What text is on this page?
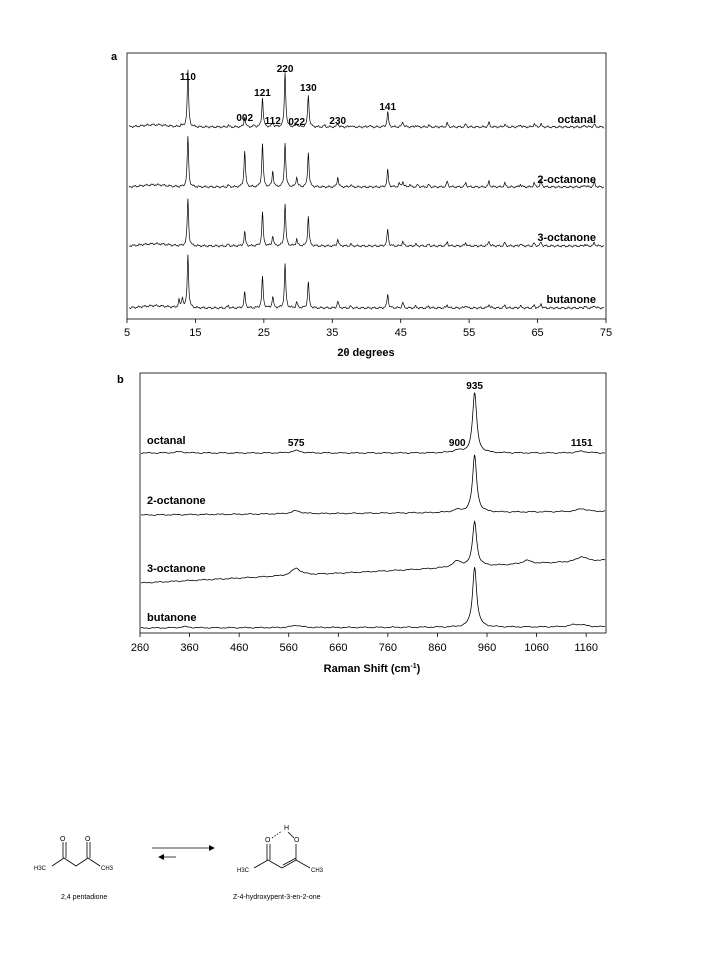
a
110
002
121
112
220
022
130
230
141
octanal
2-octanone
3-octanone
butanone
5	15	25	35	45	55	65	75
2θ degrees
b
575	900
935
1151
octanal
2-octanone
3-octanone
butanone
260	360	460	560	660	760	860	960	1060 1160
Raman Shift $(cm^{-1})$
O	O
H3C	CH3
2,4 pentadione
O
H
O
H3C	CH3
Z-4-hydroxypent-3-en-2-one
